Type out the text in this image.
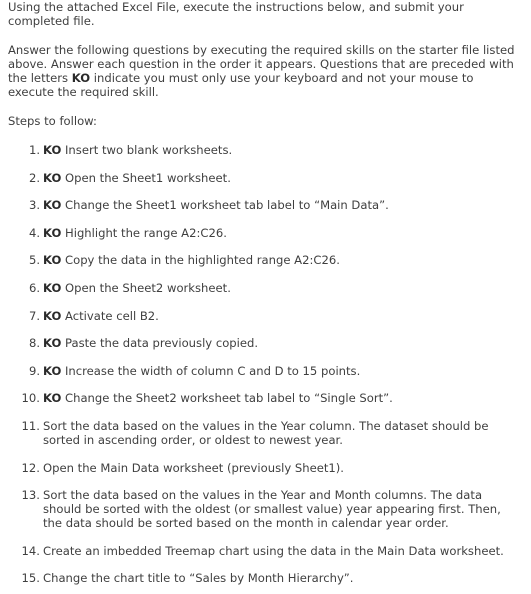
Using the attached Excel File, execute the instructions below, and submit your completed file.

Answer the following questions by executing the required skills on the starter file listed above. Answer each question in the order it appears. Questions that are preceded with the letters KO indicate you must only use your keyboard and not your mouse to execute the required skill.

Steps to follow:

1. KO Insert two blank worksheets.
2. KO Open the Sheet1 worksheet.
3. KO Change the Sheet1 worksheet tab label to “Main Data”.
4. KO Highlight the range A2:C26.
5. KO Copy the data in the highlighted range A2:C26.
6. KO Open the Sheet2 worksheet.
7. KO Activate cell B2.
8. KO Paste the data previously copied.
9. KO Increase the width of column C and D to 15 points.
10. KO Change the Sheet2 worksheet tab label to “Single Sort”.
11. Sort the data based on the values in the Year column. The dataset should be sorted in ascending order, or oldest to newest year.
12. Open the Main Data worksheet (previously Sheet1).
13. Sort the data based on the values in the Year and Month columns. The data should be sorted with the oldest (or smallest value) year appearing first. Then, the data should be sorted based on the month in calendar year order.
14. Create an imbedded Treemap chart using the data in the Main Data worksheet.
15. Change the chart title to “Sales by Month Hierarchy”.
